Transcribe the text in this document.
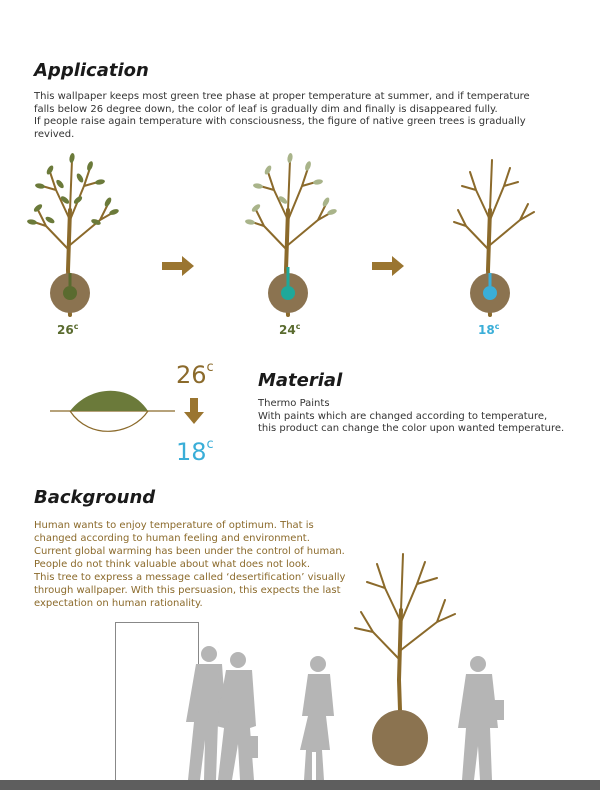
Application
This wallpaper keeps most green tree phase at proper temperature at summer, and if temperature falls below 26 degree down, the color of leaf is gradually dim and finally is disappeared fully.
If people raise again temperature with consciousness, the figure of native green trees is gradually revived.
26$^c$	24$^c$	18$^c$
26$^c$
18$^c$
Material
Thermo Paints
With paints which are changed according to temperature, this product can change the color upon wanted temperature.
Background
Human wants to enjoy temperature of optimum. That is changed according to human feeling and environment.
Current global warming has been under the control of human. People do not think valuable about what does not look.
This tree to express a message called ‘desertification’ visually through wallpaper. With this persuasion, this expects the last expectation on human rationality.
